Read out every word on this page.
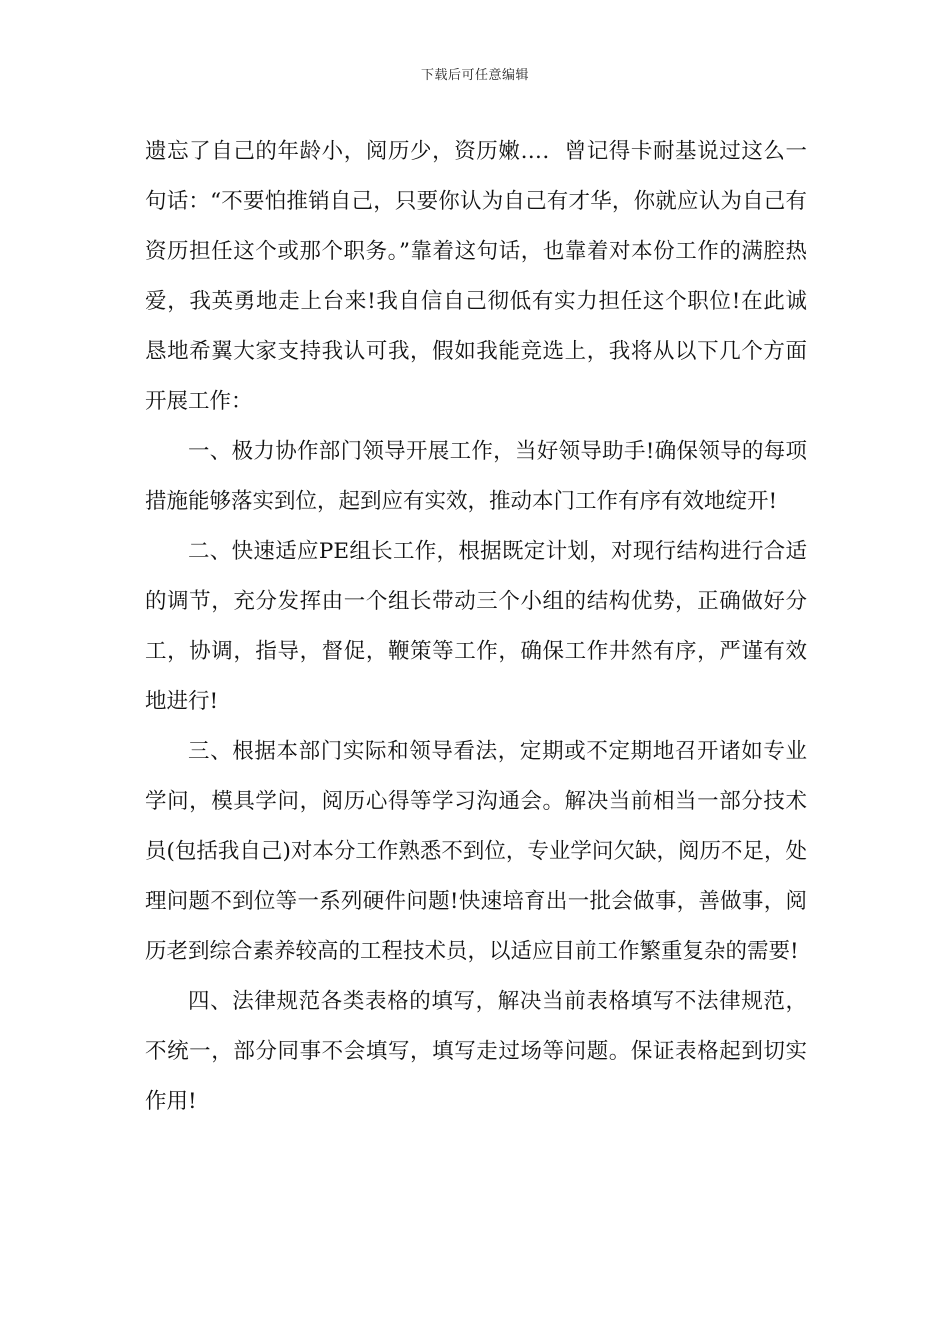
下载后可任意编辑

遗忘了自己的年龄小，阅历少，资历嫩…．曾记得卡耐基说过这么一句话：“不要怕推销自己，只要你认为自己有才华，你就应认为自己有资历担任这个或那个职务。”靠着这句话，也靠着对本份工作的满腔热爱，我英勇地走上台来!我自信自己彻低有实力担任这个职位!在此诚恳地希翼大家支持我认可我，假如我能竞选上，我将从以下几个方面开展工作：

一、极力协作部门领导开展工作，当好领导助手!确保领导的每项措施能够落实到位，起到应有实效，推动本门工作有序有效地绽开!

二、快速适应PE组长工作，根据既定计划，对现行结构进行合适的调节，充分发挥由一个组长带动三个小组的结构优势，正确做好分工，协调，指导，督促，鞭策等工作，确保工作井然有序，严谨有效地进行!

三、根据本部门实际和领导看法，定期或不定期地召开诸如专业学问，模具学问，阅历心得等学习沟通会。解决当前相当一部分技术员(包括我自己)对本分工作熟悉不到位，专业学问欠缺，阅历不足，处理问题不到位等一系列硬件问题!快速培育出一批会做事，善做事，阅历老到综合素养较高的工程技术员，以适应目前工作繁重复杂的需要!

四、法律规范各类表格的填写，解决当前表格填写不法律规范，不统一，部分同事不会填写，填写走过场等问题。保证表格起到切实作用!
